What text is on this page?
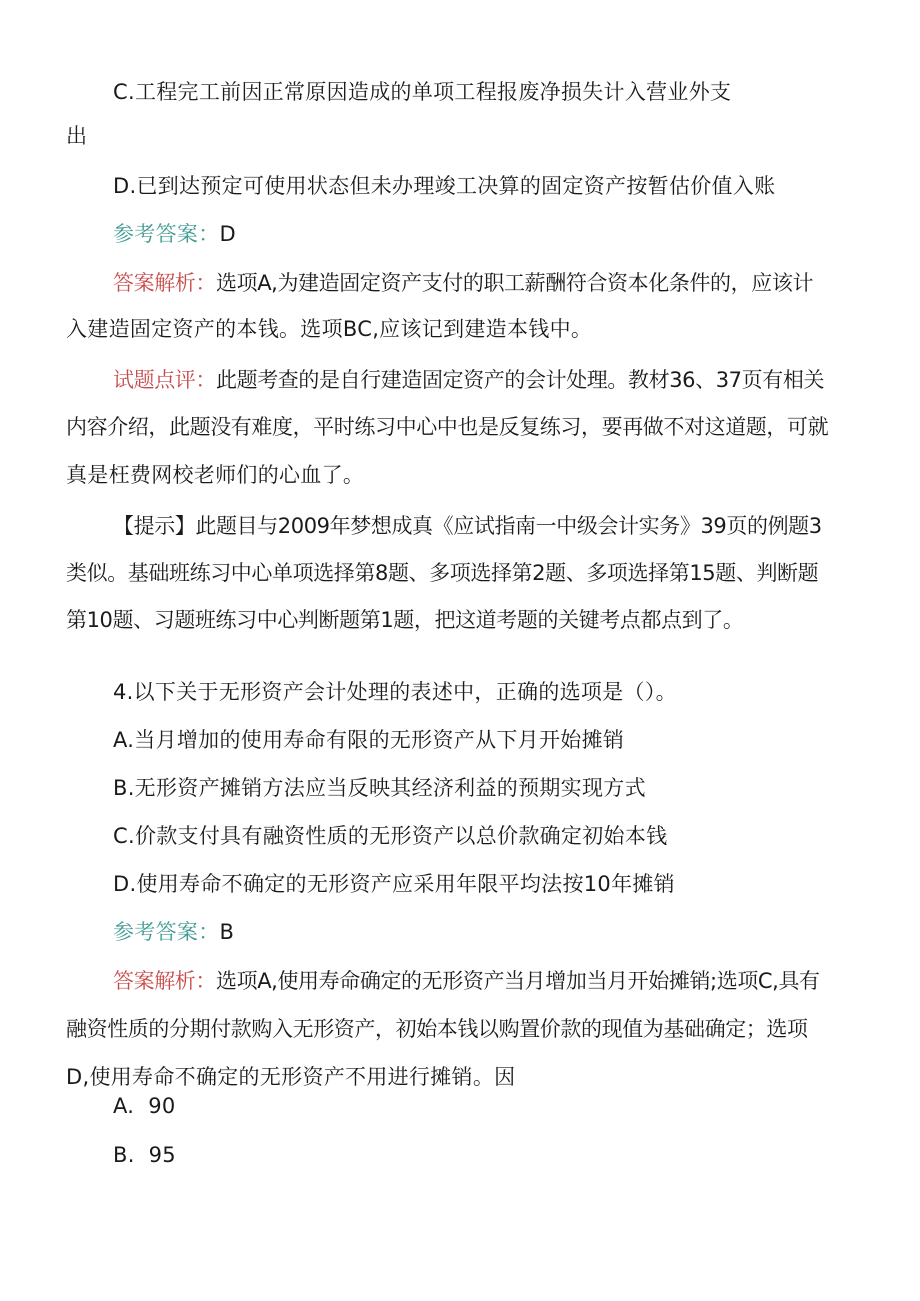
C.工程完工前因正常原因造成的单项工程报废净损失计入营业外支
出
D.已到达预定可使用状态但未办理竣工决算的固定资产按暂估价值入账
参考答案：D
答案解析：选项A,为建造固定资产支付的职工薪酬符合资本化条件的，应该计
入建造固定资产的本钱。选项BC,应该记到建造本钱中。
试题点评：此题考查的是自行建造固定资产的会计处理。教材36、37页有相关
内容介绍，此题没有难度，平时练习中心中也是反复练习，要再做不对这道题，可就
真是枉费网校老师们的心血了。
【提示】此题目与2009年梦想成真《应试指南一中级会计实务》39页的例题3
类似。基础班练习中心单项选择第8题、多项选择第2题、多项选择第15题、判断题
第10题、习题班练习中心判断题第1题，把这道考题的关键考点都点到了。
4.以下关于无形资产会计处理的表述中，正确的选项是（）。
A.当月增加的使用寿命有限的无形资产从下月开始摊销
B.无形资产摊销方法应当反映其经济利益的预期实现方式
C.价款支付具有融资性质的无形资产以总价款确定初始本钱
D.使用寿命不确定的无形资产应采用年限平均法按10年摊销
参考答案：B
答案解析：选项A,使用寿命确定的无形资产当月增加当月开始摊销;选项C,具有
融资性质的分期付款购入无形资产，初始本钱以购置价款的现值为基础确定；选项
D,使用寿命不确定的无形资产不用进行摊销。因
A. 90
B. 95
